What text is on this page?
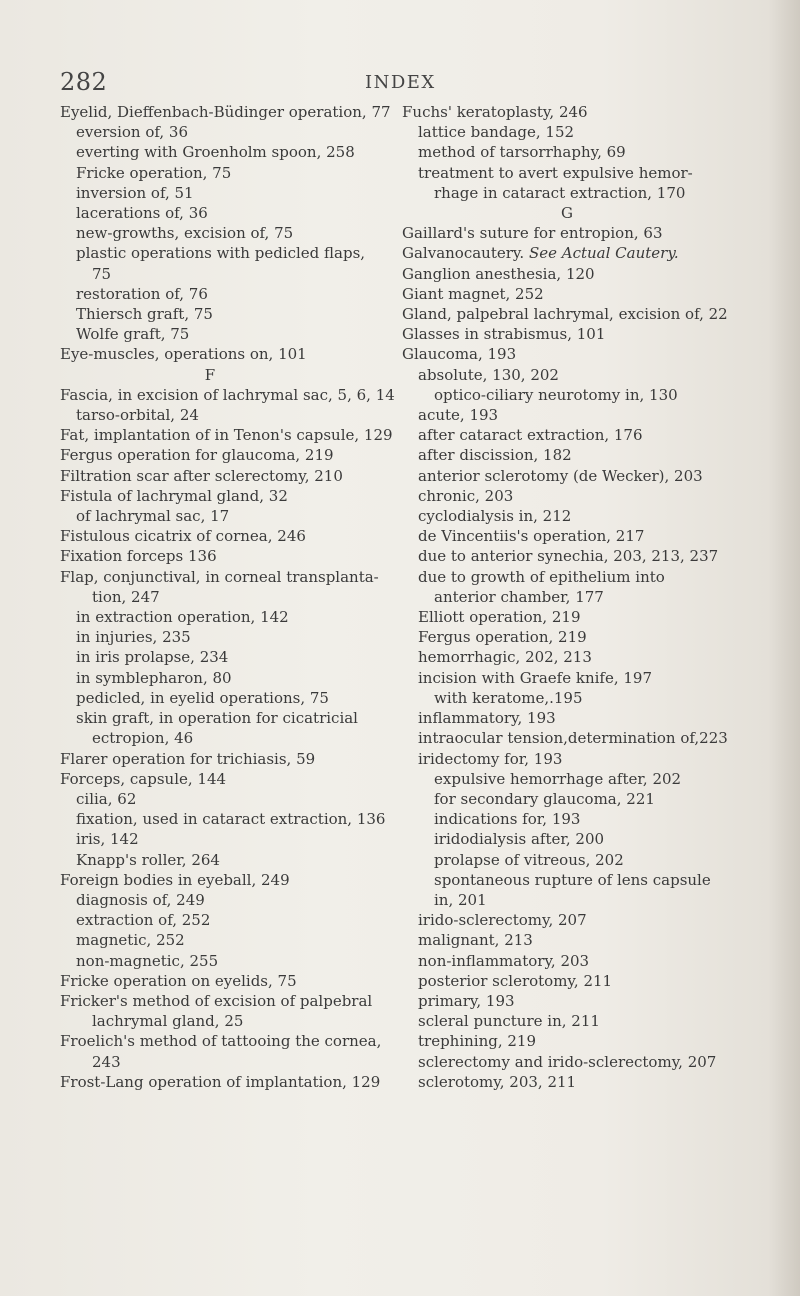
282	INDEX
Eyelid, Dieffenbach-Büdinger operation, 77
eversion of, 36
everting with Groenholm spoon, 258
Fricke operation, 75
inversion of, 51
lacerations of, 36
new-growths, excision of, 75
plastic operations with pedicled flaps,
75
restoration of, 76
Thiersch graft, 75
Wolfe graft, 75
Eye-muscles, operations on, 101
F
Fascia, in excision of lachrymal sac, 5, 6, 14
tarso-orbital, 24
Fat, implantation of in Tenon's capsule, 129
Fergus operation for glaucoma, 219
Filtration scar after sclerectomy, 210
Fistula of lachrymal gland, 32
of lachrymal sac, 17
Fistulous cicatrix of cornea, 246
Fixation forceps 136
Flap, conjunctival, in corneal transplanta-
tion, 247
in extraction operation, 142
in injuries, 235
in iris prolapse, 234
in symblepharon, 80
pedicled, in eyelid operations, 75
skin graft, in operation for cicatricial
ectropion, 46
Flarer operation for trichiasis, 59
Forceps, capsule, 144
cilia, 62
fixation, used in cataract extraction, 136
iris, 142
Knapp's roller, 264
Foreign bodies in eyeball, 249
diagnosis of, 249
extraction of, 252
magnetic, 252
non-magnetic, 255
Fricke operation on eyelids, 75
Fricker's method of excision of palpebral
lachrymal gland, 25
Froelich's method of tattooing the cornea,
243
Frost-Lang operation of implantation, 129
Fuchs' keratoplasty, 246
lattice bandage, 152
method of tarsorrhaphy, 69
treatment to avert expulsive hemor-
rhage in cataract extraction, 170
G
Gaillard's suture for entropion, 63
Galvanocautery. See Actual Cautery.
Ganglion anesthesia, 120
Giant magnet, 252
Gland, palpebral lachrymal, excision of, 22
Glasses in strabismus, 101
Glaucoma, 193
absolute, 130, 202
optico-ciliary neurotomy in, 130
acute, 193
after cataract extraction, 176
after discission, 182
anterior sclerotomy (de Wecker), 203
chronic, 203
cyclodialysis in, 212
de Vincentiis's operation, 217
due to anterior synechia, 203, 213, 237
due to growth of epithelium into
anterior chamber, 177
Elliott operation, 219
Fergus operation, 219
hemorrhagic, 202, 213
incision with Graefe knife, 197
with keratome,.195
inflammatory, 193
intraocular tension,determination of,223
iridectomy for, 193
expulsive hemorrhage after, 202
for secondary glaucoma, 221
indications for, 193
iridodialysis after, 200
prolapse of vitreous, 202
spontaneous rupture of lens capsule
in, 201
irido-sclerectomy, 207
malignant, 213
non-inflammatory, 203
posterior sclerotomy, 211
primary, 193
scleral puncture in, 211
trephining, 219
sclerectomy and irido-sclerectomy, 207
sclerotomy, 203, 211
